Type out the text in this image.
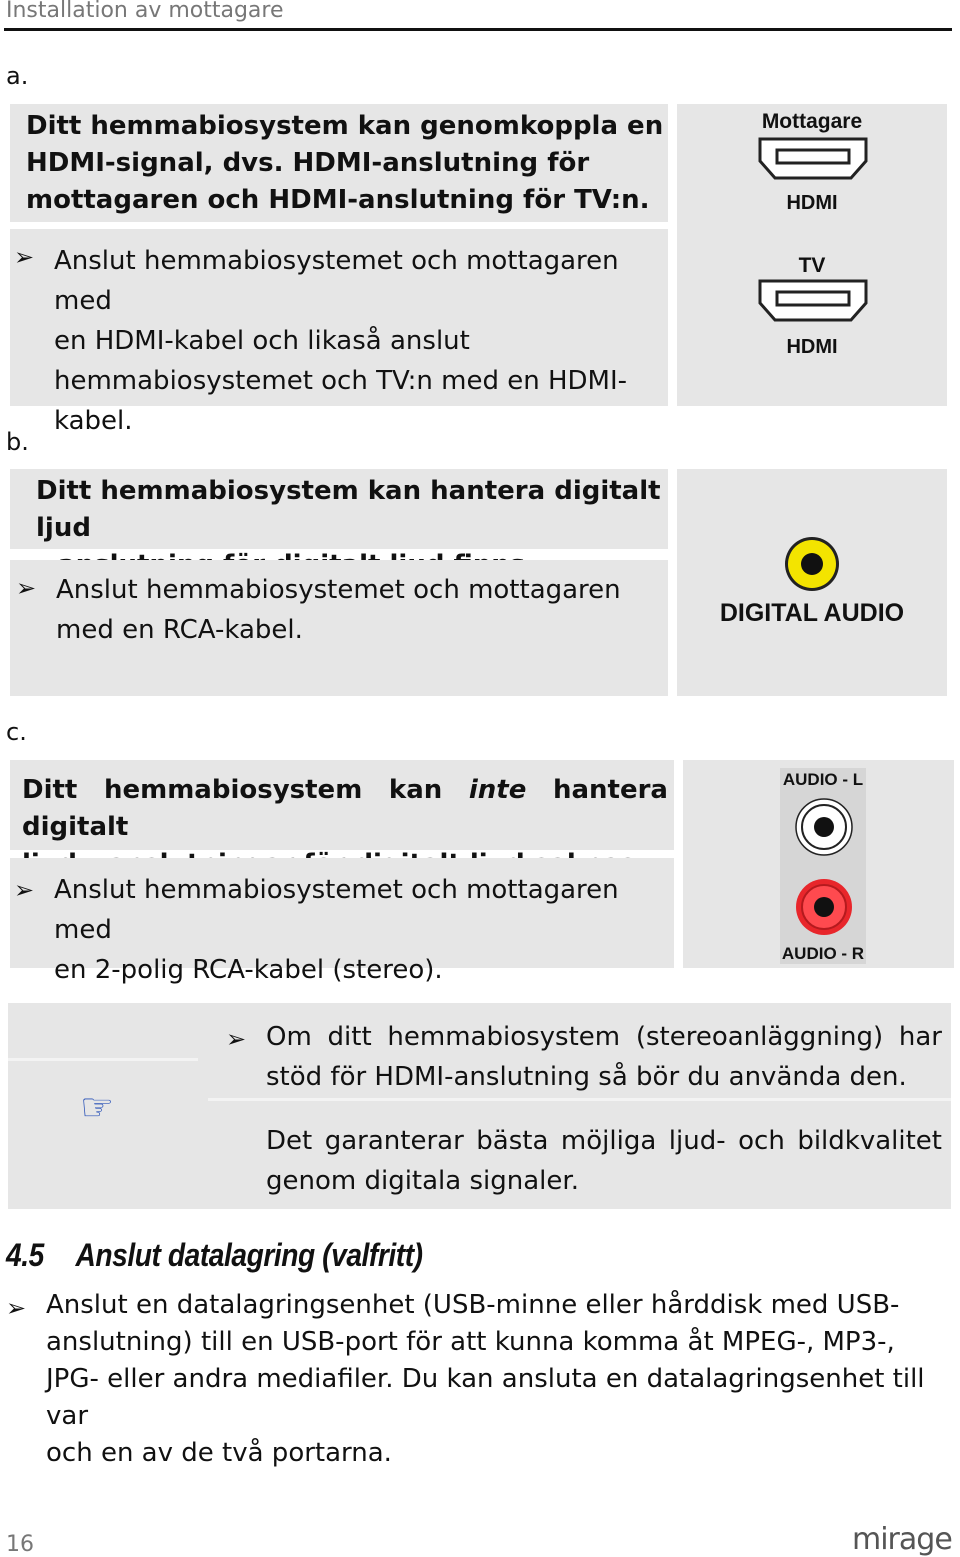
Installation av mottagare
a.
Ditt hemmabiosystem kan genomkoppla en
HDMI-signal, dvs. HDMI-anslutning för
mottagaren och HDMI-anslutning för TV:n.
➢ Anslut hemmabiosystemet och mottagaren med
en HDMI-kabel och likaså anslut
hemmabiosystemet och TV:n med en HDMI-
kabel.
Mottagare
HDMI
TV
HDMI
b.
Ditt hemmabiosystem kan hantera digitalt ljud
➢ Anslut hemmabiosystemet och mottagaren
med en RCA-kabel.
DIGITAL AUDIO
c.
Ditt hemmabiosystem kan inte hantera digitalt
➢ Anslut hemmabiosystemet och mottagaren med
en 2-polig RCA-kabel (stereo).
AUDIO - L
AUDIO - R
☞
➢ Om ditt hemmabiosystem (stereoanläggning) har
stöd för HDMI-anslutning så bör du använda den.
Det garanterar bästa möjliga ljud- och bildkvalitet
genom digitala signaler.
4.5 Anslut datalagring (valfritt)
➢ Anslut en datalagringsenhet (USB-minne eller hårddisk med USB-
anslutning) till en USB-port för att kunna komma åt MPEG-, MP3-,
JPG- eller andra mediafiler. Du kan ansluta en datalagringsenhet till var
och en av de två portarna.
16	mirage
